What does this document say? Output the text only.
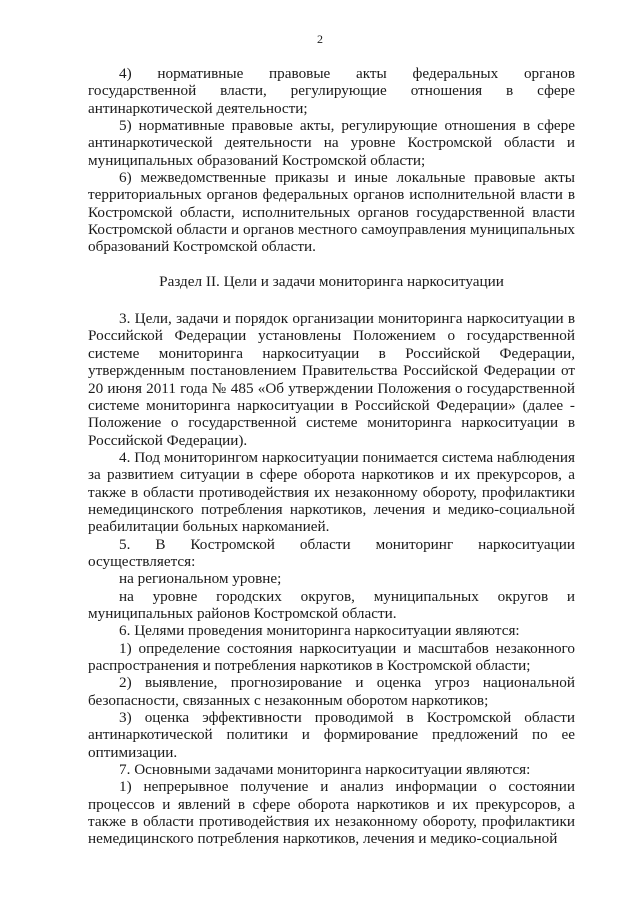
2

4) нормативные правовые акты федеральных органов государственной власти, регулирующие отношения в сфере антинаркотической деятельности;

5) нормативные правовые акты, регулирующие отношения в сфере антинаркотической деятельности на уровне Костромской области и муниципальных образований Костромской области;

6) межведомственные приказы и иные локальные правовые акты территориальных органов федеральных органов исполнительной власти в Костромской области, исполнительных органов государственной власти Костромской области и органов местного самоуправления муниципальных образований Костромской области.

Раздел II. Цели и задачи мониторинга наркоситуации

3. Цели, задачи и порядок организации мониторинга наркоситуации в Российской Федерации установлены Положением о государственной системе мониторинга наркоситуации в Российской Федерации, утвержденным постановлением Правительства Российской Федерации от 20 июня 2011 года № 485 «Об утверждении Положения о государственной системе мониторинга наркоситуации в Российской Федерации» (далее - Положение о государственной системе мониторинга наркоситуации в Российской Федерации).

4. Под мониторингом наркоситуации понимается система наблюдения за развитием ситуации в сфере оборота наркотиков и их прекурсоров, а также в области противодействия их незаконному обороту, профилактики немедицинского потребления наркотиков, лечения и медико-социальной реабилитации больных наркоманией.

5. В Костромской области мониторинг наркоситуации осуществляется:

на региональном уровне;

на уровне городских округов, муниципальных округов и муниципальных районов Костромской области.

6. Целями проведения мониторинга наркоситуации являются:

1) определение состояния наркоситуации и масштабов незаконного распространения и потребления наркотиков в Костромской области;

2) выявление, прогнозирование и оценка угроз национальной безопасности, связанных с незаконным оборотом наркотиков;

3) оценка эффективности проводимой в Костромской области антинаркотической политики и формирование предложений по ее оптимизации.

7. Основными задачами мониторинга наркоситуации являются:

1) непрерывное получение и анализ информации о состоянии процессов и явлений в сфере оборота наркотиков и их прекурсоров, а также в области противодействия их незаконному обороту, профилактики немедицинского потребления наркотиков, лечения и медико-социальной
